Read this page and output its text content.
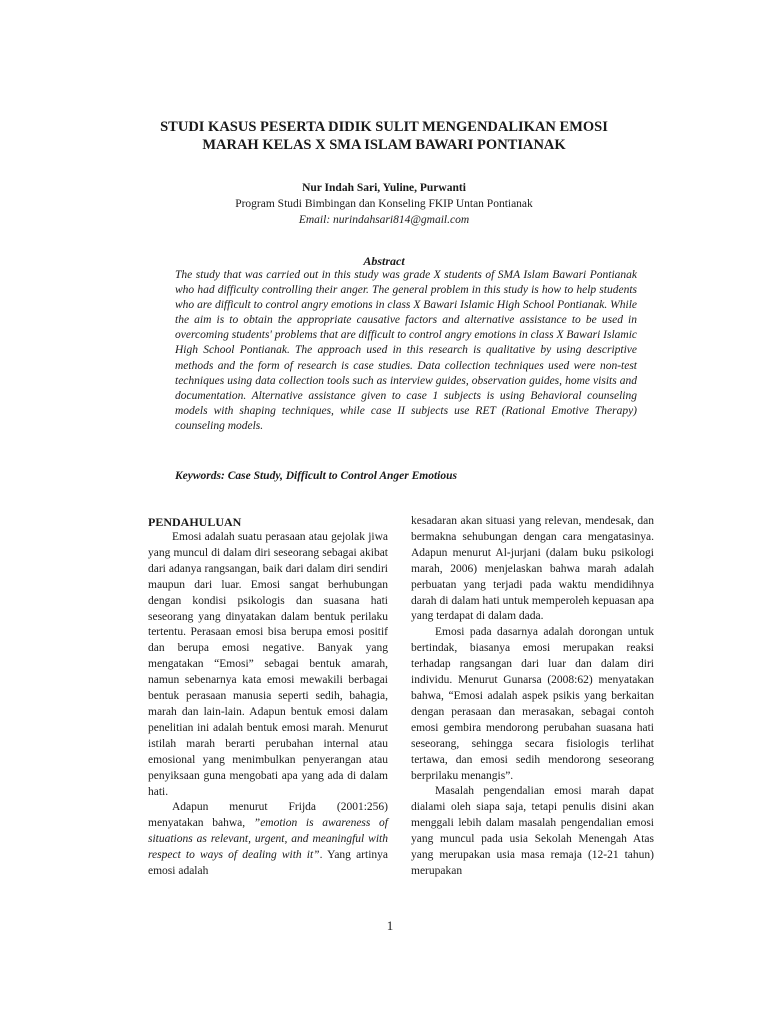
STUDI KASUS PESERTA DIDIK SULIT MENGENDALIKAN EMOSI
MARAH KELAS X SMA ISLAM BAWARI PONTIANAK
Nur Indah Sari, Yuline, Purwanti
Program Studi Bimbingan dan Konseling FKIP Untan Pontianak
Email: nurindahsari814@gmail.com
Abstract

The study that was carried out in this study was grade X students of SMA Islam Bawari Pontianak who had difficulty controlling their anger. The general problem in this study is how to help students who are difficult to control angry emotions in class X Bawari Islamic High School Pontianak. While the aim is to obtain the appropriate causative factors and alternative assistance to be used in overcoming students' problems that are difficult to control angry emotions in class X Bawari Islamic High School Pontianak. The approach used in this research is qualitative by using descriptive methods and the form of research is case studies. Data collection techniques used were non-test techniques using data collection tools such as interview guides, observation guides, home visits and documentation. Alternative assistance given to case 1 subjects is using Behavioral counseling models with shaping techniques, while case II subjects use RET (Rational Emotive Therapy) counseling models.

Keywords: Case Study, Difficult to Control Anger Emotious
PENDAHULUAN

Emosi adalah suatu perasaan atau gejolak jiwa yang muncul di dalam diri seseorang sebagai akibat dari adanya rangsangan, baik dari dalam diri sendiri maupun dari luar. Emosi sangat berhubungan dengan kondisi psikologis dan suasana hati seseorang yang dinyatakan dalam bentuk perilaku tertentu. Perasaan emosi bisa berupa emosi positif dan berupa emosi negative. Banyak yang mengatakan “Emosi” sebagai bentuk amarah, namun sebenarnya kata emosi mewakili berbagai bentuk perasaan manusia seperti sedih, bahagia, marah dan lain-lain. Adapun bentuk emosi dalam penelitian ini adalah bentuk emosi marah. Menurut istilah marah berarti perubahan internal atau emosional yang menimbulkan penyerangan atau penyiksaan guna mengobati apa yang ada di dalam hati.

Adapun menurut Frijda (2001:256) menyatakan bahwa, ”emotion is awareness of situations as relevant, urgent, and meaningful with respect to ways of dealing with it”. Yang artinya emosi adalah

kesadaran akan situasi yang relevan, mendesak, dan bermakna sehubungan dengan cara mengatasinya. Adapun menurut Al-jurjani (dalam buku psikologi marah, 2006) menjelaskan bahwa marah adalah perbuatan yang terjadi pada waktu mendidihnya darah di dalam hati untuk memperoleh kepuasan apa yang terdapat di dalam dada.

Emosi pada dasarnya adalah dorongan untuk bertindak, biasanya emosi merupakan reaksi terhadap rangsangan dari luar dan dalam diri individu. Menurut Gunarsa (2008:62) menyatakan bahwa, “Emosi adalah aspek psikis yang berkaitan dengan perasaan dan merasakan, sebagai contoh emosi gembira mendorong perubahan suasana hati seseorang, sehingga secara fisiologis terlihat tertawa, dan emosi sedih mendorong seseorang berprilaku menangis”.

Masalah pengendalian emosi marah dapat dialami oleh siapa saja, tetapi penulis disini akan menggali lebih dalam masalah pengendalian emosi yang muncul pada usia Sekolah Menengah Atas yang merupakan usia masa remaja (12-21 tahun) merupakan

1
